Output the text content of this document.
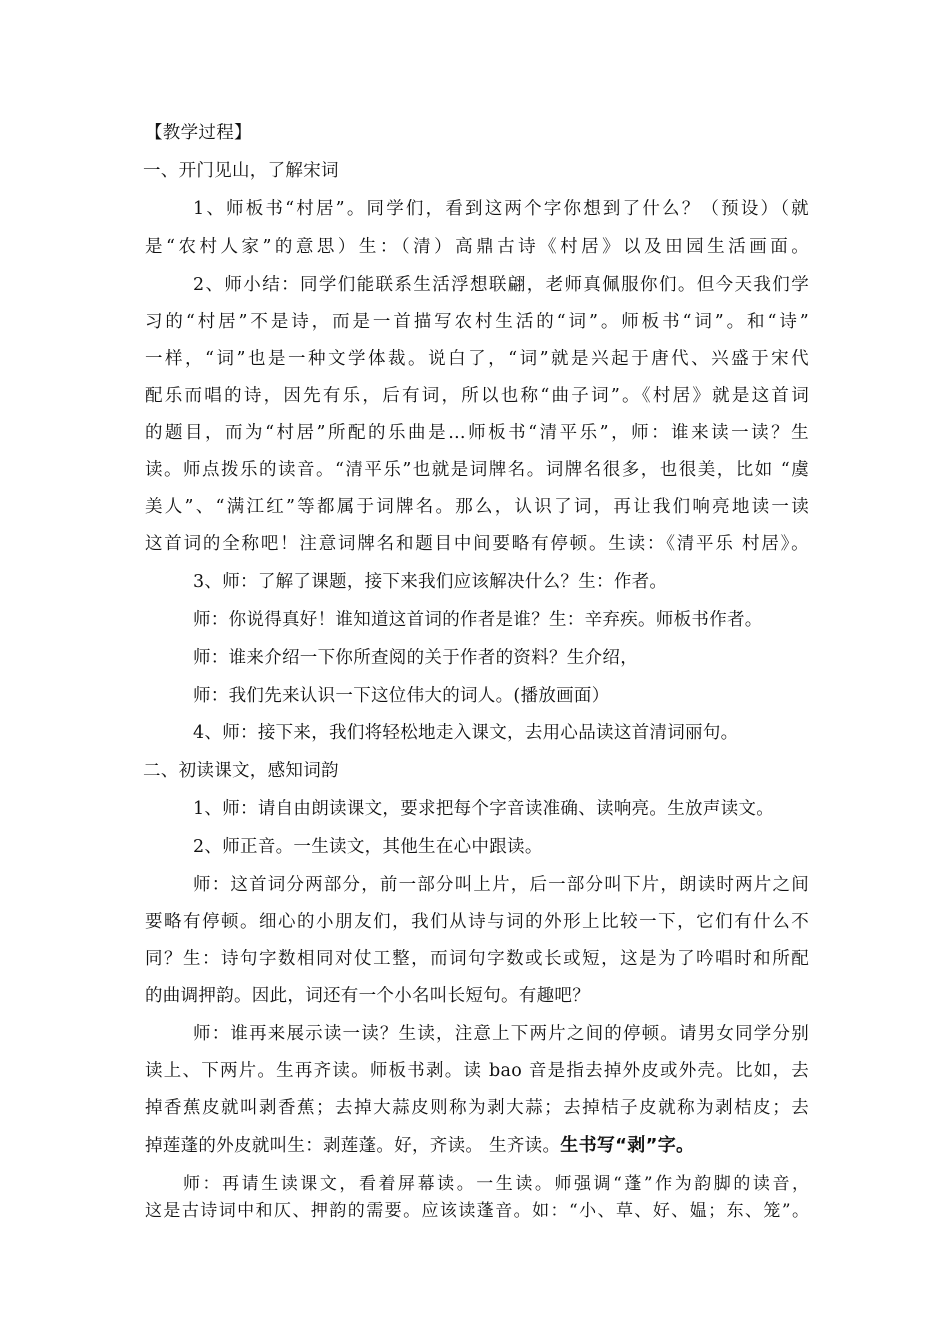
【教学过程】
一、开门见山，了解宋词
1、师板书“村居”。同学们，看到这两个字你想到了什么？（预设）（就
是“农村人家”的意思）生：（清）高鼎古诗《村居》以及田园生活画面。
2、师小结：同学们能联系生活浮想联翩，老师真佩服你们。但今天我们学
习的“村居”不是诗，而是一首描写农村生活的“词”。师板书“词”。和“诗”
一样，“词”也是一种文学体裁。说白了，“词”就是兴起于唐代、兴盛于宋代
配乐而唱的诗，因先有乐，后有词，所以也称“曲子词”。《村居》就是这首词
的题目，而为“村居”所配的乐曲是…师板书“清平乐”，师：谁来读一读？生
读。师点拨乐的读音。“清平乐”也就是词牌名。词牌名很多，也很美，比如 “虞
美人”、“满江红”等都属于词牌名。那么，认识了词，再让我们响亮地读一读
这首词的全称吧！注意词牌名和题目中间要略有停顿。生读：《清平乐 村居》。
3、师：了解了课题，接下来我们应该解决什么？生：作者。
师：你说得真好！谁知道这首词的作者是谁？生：辛弃疾。师板书作者。
师：谁来介绍一下你所查阅的关于作者的资料？生介绍，
师：我们先来认识一下这位伟大的词人。(播放画面）
4、师：接下来，我们将轻松地走入课文，去用心品读这首清词丽句。
二、初读课文，感知词韵
1、师：请自由朗读课文，要求把每个字音读准确、读响亮。生放声读文。
2、师正音。一生读文，其他生在心中跟读。
师：这首词分两部分，前一部分叫上片，后一部分叫下片，朗读时两片之间
要略有停顿。细心的小朋友们，我们从诗与词的外形上比较一下，它们有什么不
同？生：诗句字数相同对仗工整，而词句字数或长或短，这是为了吟唱时和所配
的曲调押韵。因此，词还有一个小名叫长短句。有趣吧？
师：谁再来展示读一读？生读，注意上下两片之间的停顿。请男女同学分别
读上、下两片。生再齐读。师板书剥。读 bao 音是指去掉外皮或外壳。比如，去
掉香蕉皮就叫剥香蕉；去掉大蒜皮则称为剥大蒜；去掉桔子皮就称为剥桔皮；去
掉莲蓬的外皮就叫生：剥莲蓬。好，齐读。 生齐读。生书写“剥”字。
师：再请生读课文，看着屏幕读。一生读。师强调“蓬”作为韵脚的读音，
这是古诗词中和仄、押韵的需要。应该读蓬音。如：“小、草、好、媪；东、笼”。
